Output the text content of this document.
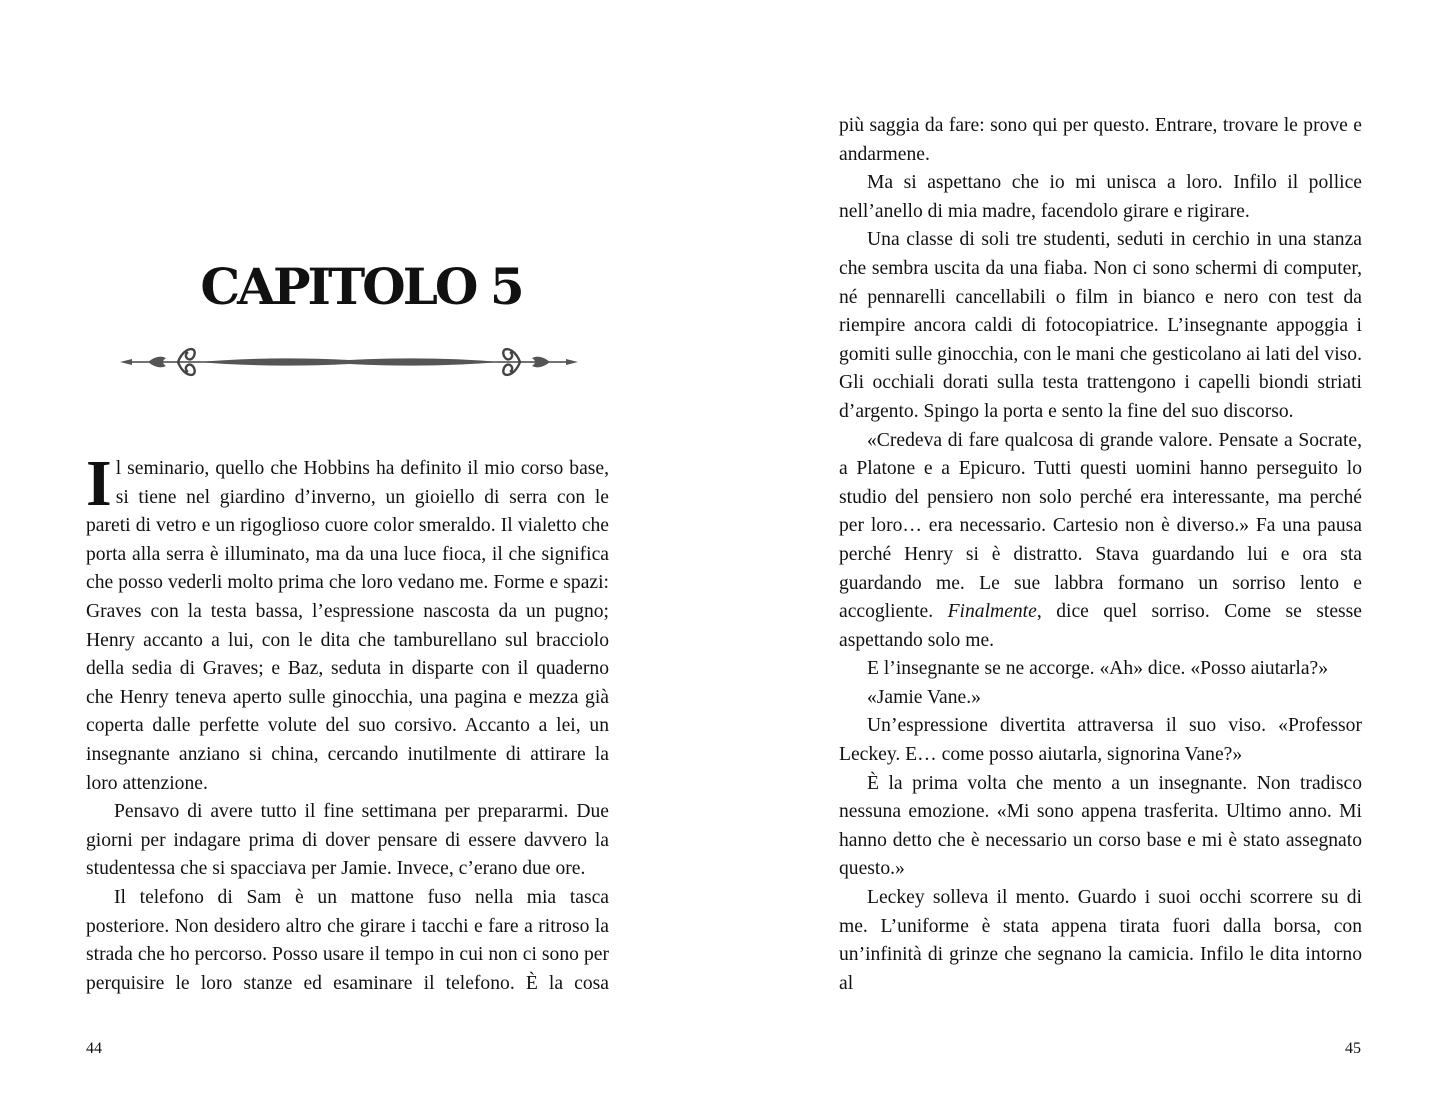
CAPITOLO 5

Il seminario, quello che Hobbins ha definito il mio corso base, si tiene nel giardino d’inverno, un gioiello di serra con le pareti di vetro e un rigoglioso cuore color smeraldo. Il vialetto che porta alla serra è illuminato, ma da una luce fioca, il che significa che posso vederli molto prima che loro vedano me. Forme e spazi: Graves con la testa bassa, l’espressione nascosta da un pugno; Henry accanto a lui, con le dita che tamburellano sul bracciolo della sedia di Graves; e Baz, seduta in disparte con il quaderno che Henry teneva aperto sulle ginocchia, una pagina e mezza già coperta dalle perfette volute del suo corsivo. Accanto a lei, un insegnante anziano si china, cercando inutilmente di attirare la loro attenzione.

Pensavo di avere tutto il fine settimana per prepararmi. Due giorni per indagare prima di dover pensare di essere davvero la studentessa che si spacciava per Jamie. Invece, c’erano due ore.

Il telefono di Sam è un mattone fuso nella mia tasca posteriore. Non desidero altro che girare i tacchi e fare a ritroso la strada che ho percorso. Posso usare il tempo in cui non ci sono per perquisire le loro stanze ed esaminare il telefono. È la cosa

44

più saggia da fare: sono qui per questo. Entrare, trovare le prove e andarmene.

Ma si aspettano che io mi unisca a loro. Infilo il pollice nell’anello di mia madre, facendolo girare e rigirare.

Una classe di soli tre studenti, seduti in cerchio in una stanza che sembra uscita da una fiaba. Non ci sono schermi di computer, né pennarelli cancellabili o film in bianco e nero con test da riempire ancora caldi di fotocopiatrice. L’insegnante appoggia i gomiti sulle ginocchia, con le mani che gesticolano ai lati del viso. Gli occhiali dorati sulla testa trattengono i capelli biondi striati d’argento. Spingo la porta e sento la fine del suo discorso.

«Credeva di fare qualcosa di grande valore. Pensate a Socrate, a Platone e a Epicuro. Tutti questi uomini hanno perseguito lo studio del pensiero non solo perché era interessante, ma perché per loro… era necessario. Cartesio non è diverso.» Fa una pausa perché Henry si è distratto. Stava guardando lui e ora sta guardando me. Le sue labbra formano un sorriso lento e accogliente. Finalmente, dice quel sorriso. Come se stesse aspettando solo me.

E l’insegnante se ne accorge. «Ah» dice. «Posso aiutarla?»

«Jamie Vane.»

Un’espressione divertita attraversa il suo viso. «Professor Leckey. E… come posso aiutarla, signorina Vane?»

È la prima volta che mento a un insegnante. Non tradisco nessuna emozione. «Mi sono appena trasferita. Ultimo anno. Mi hanno detto che è necessario un corso base e mi è stato assegnato questo.»

Leckey solleva il mento. Guardo i suoi occhi scorrere su di me. L’uniforme è stata appena tirata fuori dalla borsa, con un’infinità di grinze che segnano la camicia. Infilo le dita intorno al

45
